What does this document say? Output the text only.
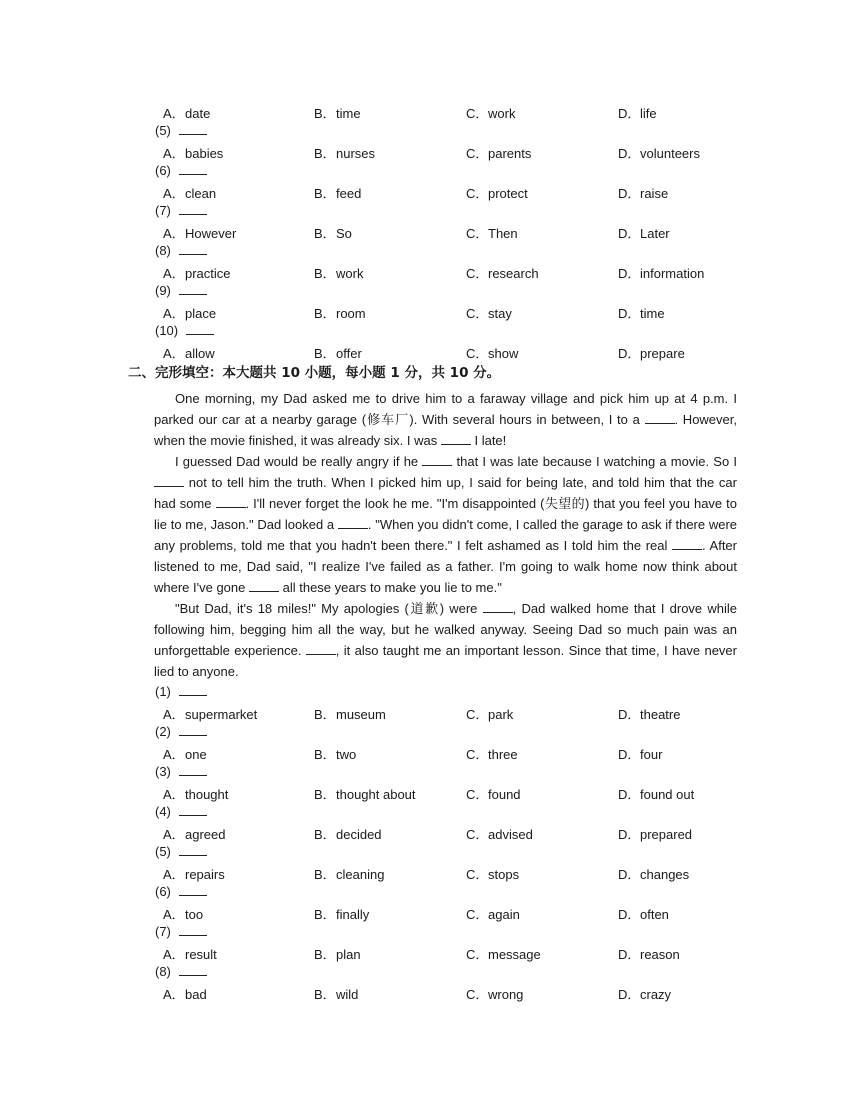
A．date	B．time	C．work	D．life
(5)
A．babies	B．nurses	C．parents	D．volunteers
(6)
A．clean	B．feed	C．protect	D．raise
(7)
A．However	B．So	C．Then	D．Later
(8)
A．practice	B．work	C．research	D．information
(9)
A．place	B．room	C．stay	D．time
(10)
A．allow	B．offer	C．show	D．prepare
二、完形填空：本大题共 10 小题，每小题 1 分，共 10 分。

One morning, my Dad asked me to drive him to a faraway village and pick him up at 4 p.m. I parked our car at a nearby garage (修车厂). With several hours in between, I to a . However, when the movie finished, it was already six. I was  I late!

I guessed Dad would be really angry if he  that I was late because I watching a movie. So I  not to tell him the truth. When I picked him up, I said for being late, and told him that the car had some . I'll never forget the look he me. "I'm disappointed (失望的) that you feel you have to lie to me, Jason." Dad looked a . "When you didn't come, I called the garage to ask if there were any problems, told me that you hadn't been there." I felt ashamed as I told him the real . After listened to me, Dad said, "I realize I've failed as a father. I'm going to walk home now think about where I've gone  all these years to make you lie to me."

"But Dad, it's 18 miles!" My apologies (道歉) were , Dad walked home that I drove while following him, begging him all the way, but he walked anyway. Seeing Dad so much pain was an unforgettable experience. , it also taught me an important lesson. Since that time, I have never lied to anyone.

(1)
A．supermarket	B．museum	C．park	D．theatre
(2)
A．one	B．two	C．three	D．four
(3)
A．thought	B．thought about	C．found	D．found out
(4)
A．agreed	B．decided	C．advised	D．prepared
(5)
A．repairs	B．cleaning	C．stops	D．changes
(6)
A．too	B．finally	C．again	D．often
(7)
A．result	B．plan	C．message	D．reason
(8)
A．bad	B．wild	C．wrong	D．crazy
